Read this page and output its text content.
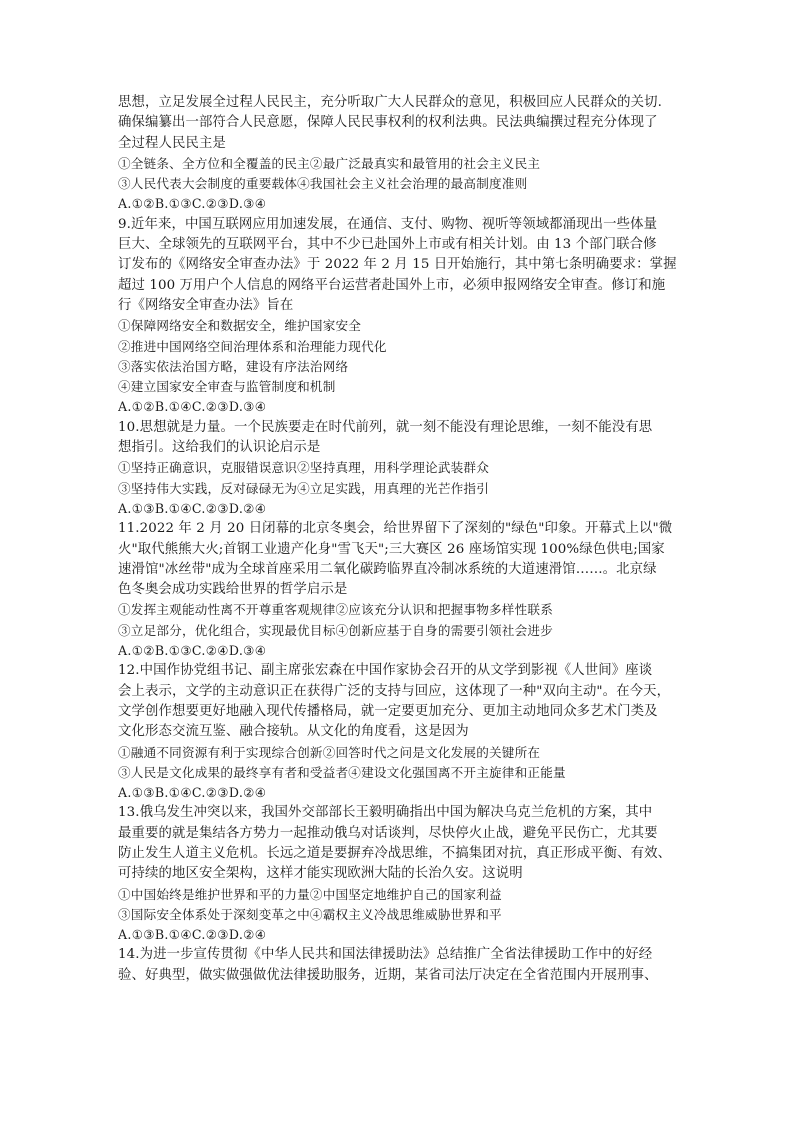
思想，立足发展全过程人民民主，充分听取广大人民群众的意见，积极回应人民群众的关切.
确保编纂出一部符合人民意愿，保障人民民事权利的权利法典。民法典编撰过程充分体现了
全过程人民民主是
①全链条、全方位和全覆盖的民主②最广泛最真实和最管用的社会主义民主
③人民代表大会制度的重要载体④我国社会主义社会治理的最高制度准则
A.①②B.①③C.②③D.③④
9.近年来，中国互联网应用加速发展，在通信、支付、购物、视听等领域都涌现出一些体量
巨大、全球领先的互联网平台，其中不少已赴国外上市或有相关计划。由 13 个部门联合修
订发布的《网络安全审查办法》于 2022 年 2 月 15 日开始施行，其中第七条明确要求：掌握
超过 100 万用户个人信息的网络平台运营者赴国外上市，必须申报网络安全审查。修订和施
行《网络安全审查办法》旨在
①保障网络安全和数据安全，维护国家安全
②推进中国网络空间治理体系和治理能力现代化
③落实依法治国方略，建设有序法治网络
④建立国家安全审查与监管制度和机制
A.①②B.①④C.②③D.③④
10.思想就是力量。一个民族要走在时代前列，就一刻不能没有理论思维，一刻不能没有思
想指引。这给我们的认识论启示是
①坚持正确意识，克服错误意识②坚持真理，用科学理论武装群众
③坚持伟大实践，反对碌碌无为④立足实践，用真理的光芒作指引
A.①③B.①④C.②③D.②④
11.2022 年 2 月 20 日闭幕的北京冬奥会，给世界留下了深刻的"绿色"印象。开幕式上以"微
火"取代熊熊大火;首钢工业遗产化身"雪飞天";三大赛区 26 座场馆实现 100%绿色供电;国家
速滑馆"冰丝带"成为全球首座采用二氧化碳跨临界直冷制冰系统的大道速滑馆……。北京绿
色冬奥会成功实践给世界的哲学启示是
①发挥主观能动性离不开尊重客观规律②应该充分认识和把握事物多样性联系
③立足部分，优化组合，实现最优目标④创新应基于自身的需要引领社会进步
A.①②B.①③C.②④D.③④
12.中国作协党组书记、副主席张宏森在中国作家协会召开的从文学到影视《人世间》座谈
会上表示，文学的主动意识正在获得广泛的支持与回应，这体现了一种"双向主动"。在今天，
文学创作想要更好地融入现代传播格局，就一定要更加充分、更加主动地同众多艺术门类及
文化形态交流互鉴、融合接轨。从文化的角度看，这是因为
①融通不同资源有利于实现综合创新②回答时代之问是文化发展的关键所在
③人民是文化成果的最终享有者和受益者④建设文化强国离不开主旋律和正能量
A.①③B.①④C.②③D.②④
13.俄乌发生冲突以来，我国外交部部长王毅明确指出中国为解决乌克兰危机的方案，其中
最重要的就是集结各方势力一起推动俄乌对话谈判，尽快停火止战，避免平民伤亡，尤其要
防止发生人道主义危机。长远之道是要摒弃冷战思维，不搞集团对抗，真正形成平衡、有效、
可持续的地区安全架构，这样才能实现欧洲大陆的长治久安。这说明
①中国始终是维护世界和平的力量②中国坚定地维护自己的国家利益
③国际安全体系处于深刻变革之中④霸权主义冷战思维威胁世界和平
A.①③B.①④C.②③D.②④
14.为进一步宣传贯彻《中华人民共和国法律援助法》总结推广全省法律援助工作中的好经
验、好典型，做实做强做优法律援助服务，近期，某省司法厅决定在全省范围内开展刑事、
